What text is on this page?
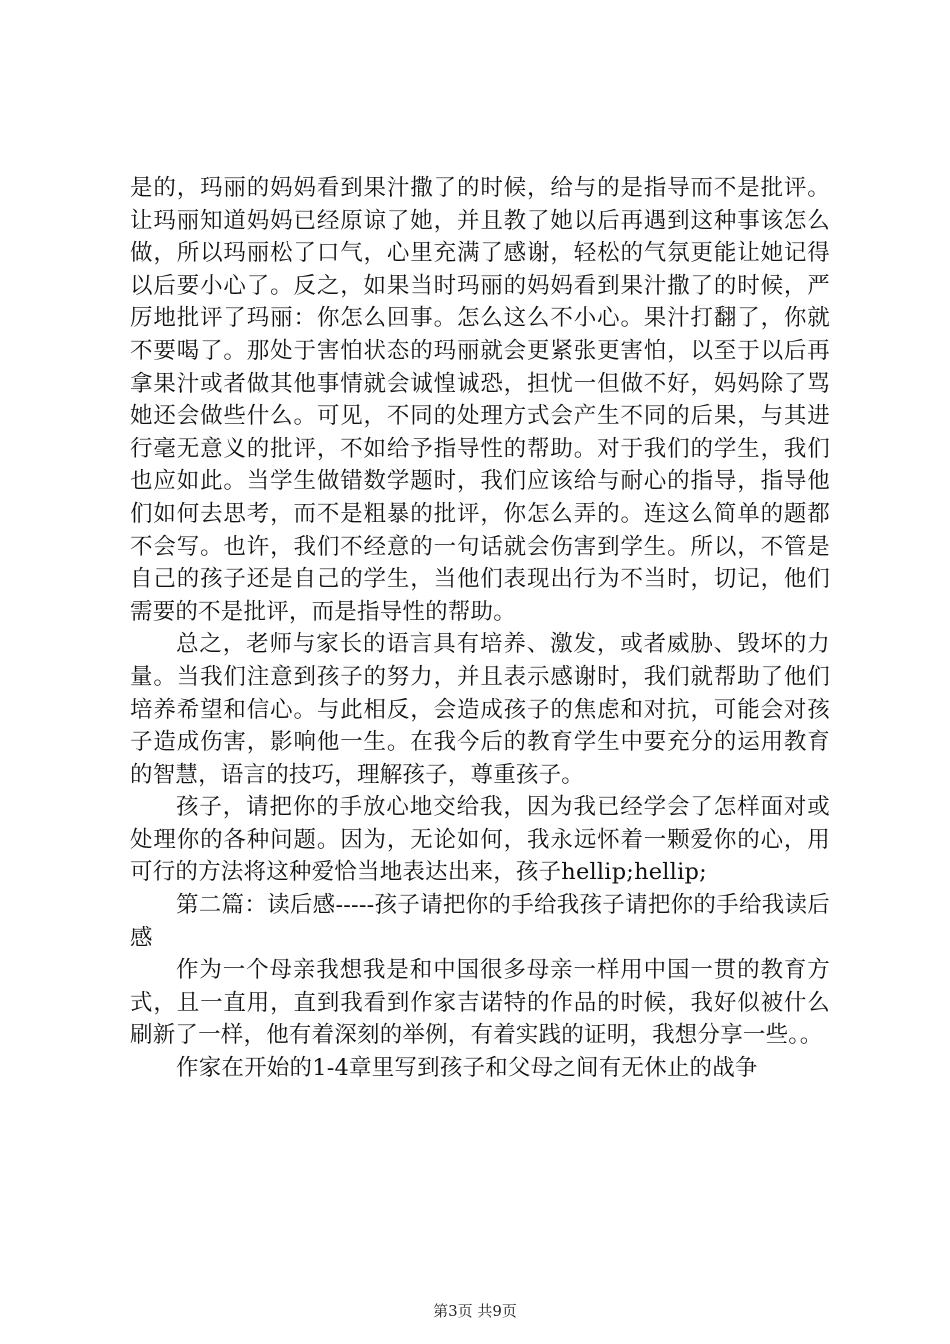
是的，玛丽的妈妈看到果汁撒了的时候，给与的是指导而不是批评。让玛丽知道妈妈已经原谅了她，并且教了她以后再遇到这种事该怎么做，所以玛丽松了口气，心里充满了感谢，轻松的气氛更能让她记得以后要小心了。反之，如果当时玛丽的妈妈看到果汁撒了的时候，严厉地批评了玛丽：你怎么回事。怎么这么不小心。果汁打翻了，你就不要喝了。那处于害怕状态的玛丽就会更紧张更害怕，以至于以后再拿果汁或者做其他事情就会诚惶诚恐，担忧一但做不好，妈妈除了骂她还会做些什么。可见，不同的处理方式会产生不同的后果，与其进行毫无意义的批评，不如给予指导性的帮助。对于我们的学生，我们也应如此。当学生做错数学题时，我们应该给与耐心的指导，指导他们如何去思考，而不是粗暴的批评，你怎么弄的。连这么简单的题都不会写。也许，我们不经意的一句话就会伤害到学生。所以，不管是自己的孩子还是自己的学生，当他们表现出行为不当时，切记，他们需要的不是批评，而是指导性的帮助。

总之，老师与家长的语言具有培养、激发，或者威胁、毁坏的力量。当我们注意到孩子的努力，并且表示感谢时，我们就帮助了他们培养希望和信心。与此相反，会造成孩子的焦虑和对抗，可能会对孩子造成伤害，影响他一生。在我今后的教育学生中要充分的运用教育的智慧，语言的技巧，理解孩子，尊重孩子。

孩子，请把你的手放心地交给我，因为我已经学会了怎样面对或处理你的各种问题。因为，无论如何，我永远怀着一颗爱你的心，用可行的方法将这种爱恰当地表达出来，孩子hellip;hellip;

第二篇：读后感-----孩子请把你的手给我孩子请把你的手给我读后感

作为一个母亲我想我是和中国很多母亲一样用中国一贯的教育方式，且一直用，直到我看到作家吉诺特的作品的时候，我好似被什么刷新了一样，他有着深刻的举例，有着实践的证明，我想分享一些。。

作家在开始的1-4章里写到孩子和父母之间有无休止的战争

第3页 共9页
